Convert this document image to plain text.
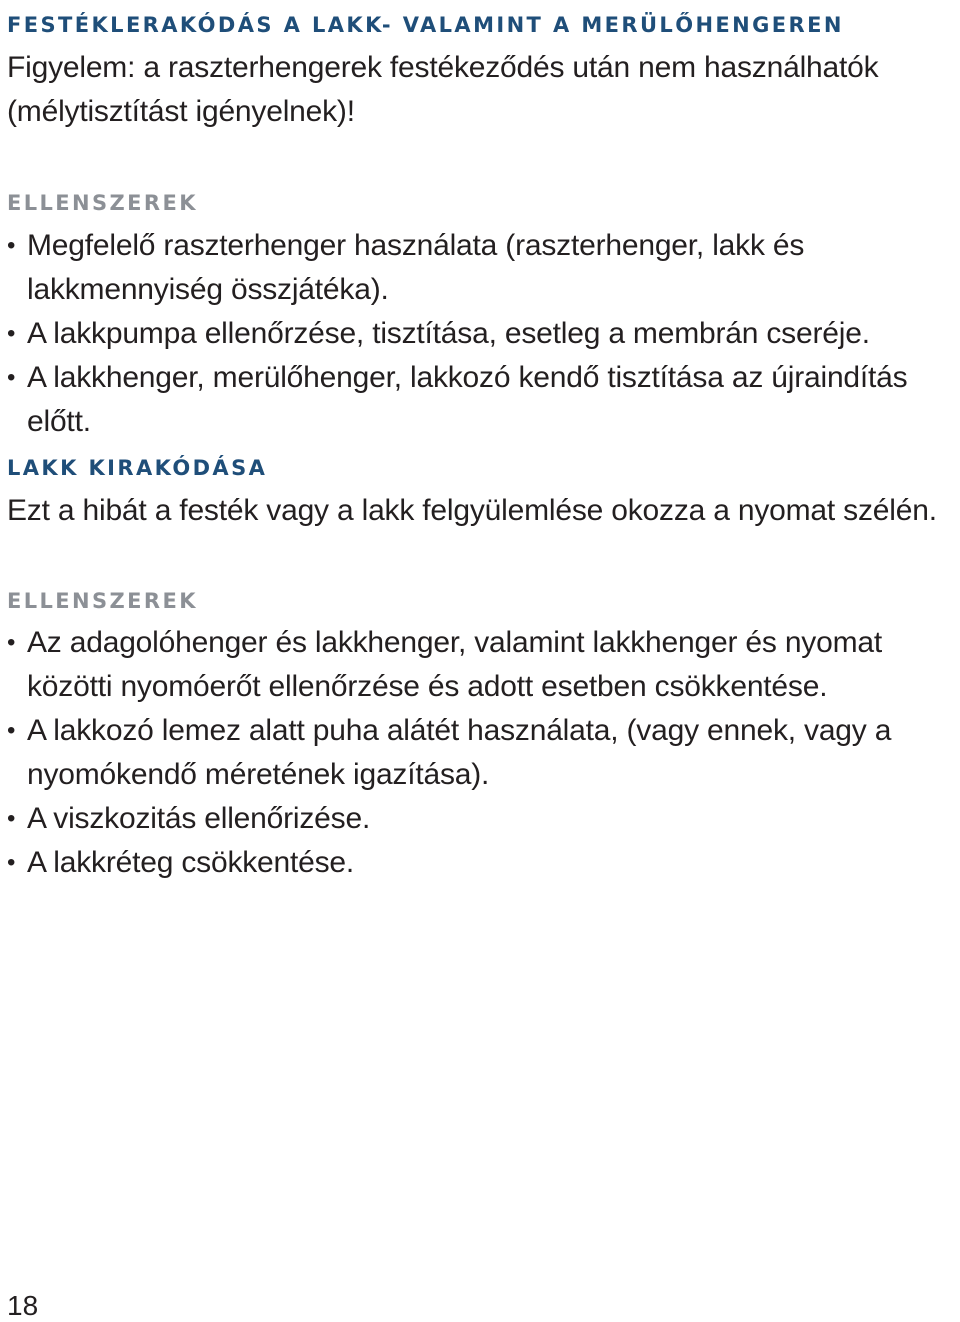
FESTÉKLERAKÓDÁS A LAKK- VALAMINT A MERÜLŐHENGEREN

Figyelem: a raszterhengerek festékeződés után nem használhatók (mélytisztítást igényelnek)!

ELLENSZEREK
• Megfelelő raszterhenger használata (raszterhenger, lakk és lakkmennyiség összjátéka).
• A lakkpumpa ellenőrzése, tisztítása, esetleg a membrán cseréje.
• A lakkhenger, merülőhenger, lakkozó kendő tisztítása az újraindítás előtt.
LAKK KIRAKÓDÁSA

Ezt a hibát a festék vagy a lakk felgyülemlése okozza a nyomat szélén.

ELLENSZEREK
• Az adagolóhenger és lakkhenger, valamint lakkhenger és nyomat közötti nyomóerőt ellenőrzése és adott esetben csökkentése.
• A lakkozó lemez alatt puha alátét használata, (vagy ennek, vagy a nyomókendő méretének igazítása).
• A viszkozitás ellenőrizése.
• A lakkréteg csökkentése.
18
